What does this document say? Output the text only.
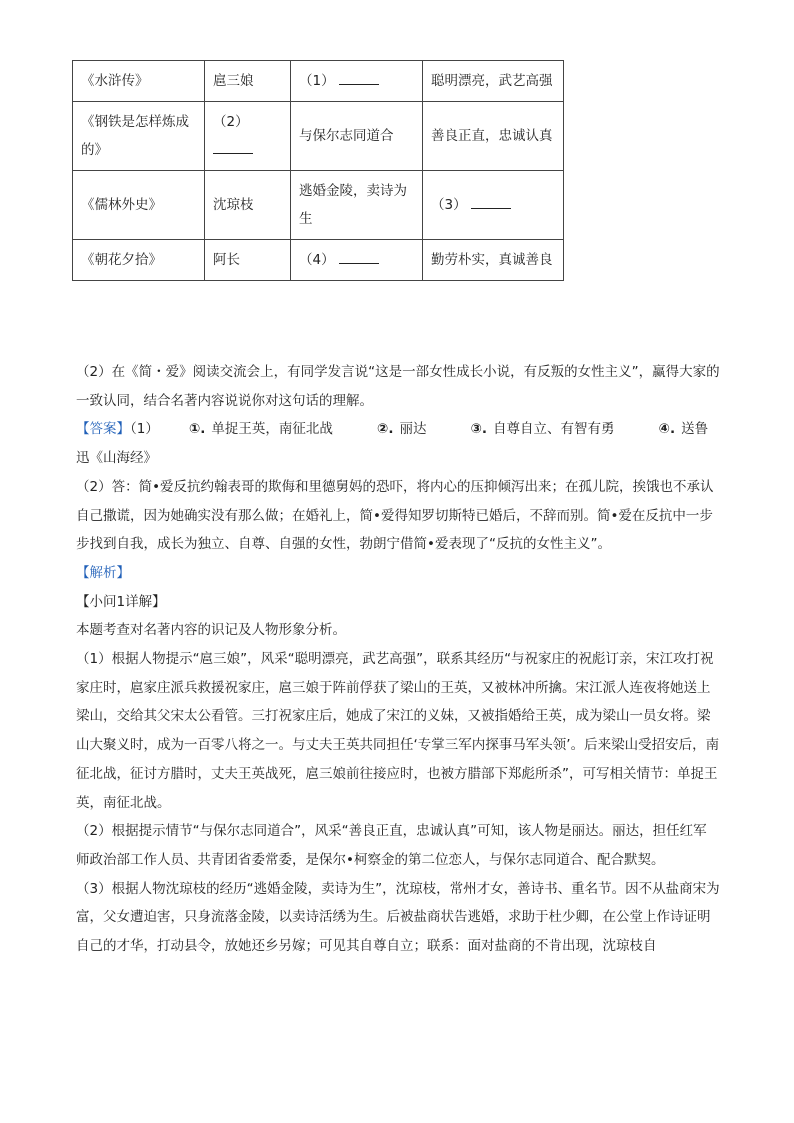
《水浒传》	扈三娘	（1）	聪明漂亮，武艺高强
《钢铁是怎样炼成的》	（2）	与保尔志同道合	善良正直，忠诚认真
《儒林外史》	沈琼枝	逃婚金陵，卖诗为生	（3）
《朝花夕拾》	阿长	（4）	勤劳朴实，真诚善良

（2）在《简・爱》阅读交流会上，有同学发言说“这是一部女性成长小说，有反叛的女性主义”，赢得大家的一致认同，结合名著内容说说你对这句话的理解。

【答案】（1） ①. 单捉王英，南征北战	②. 丽达	③. 自尊自立、有智有勇	④. 送鲁迅《山海经》

（2）答：简•爱反抗约翰表哥的欺侮和里德舅妈的恐吓，将内心的压抑倾泻出来；在孤儿院，挨饿也不承认自己撒谎，因为她确实没有那么做；在婚礼上，简•爱得知罗切斯特已婚后，不辞而别。简•爱在反抗中一步步找到自我，成长为独立、自尊、自强的女性，勃朗宁借简•爱表现了“反抗的女性主义”。

【解析】

【小问1详解】

本题考查对名著内容的识记及人物形象分析。

（1）根据人物提示“扈三娘”，风采“聪明漂亮，武艺高强”，联系其经历“与祝家庄的祝彪订亲，宋江攻打祝家庄时，扈家庄派兵救援祝家庄，扈三娘于阵前俘获了梁山的王英，又被林冲所擒。宋江派人连夜将她送上梁山，交给其父宋太公看管。三打祝家庄后，她成了宋江的义妹，又被指婚给王英，成为梁山一员女将。梁山大聚义时，成为一百零八将之一。与丈夫王英共同担任‘专掌三军内探事马军头领’。后来梁山受招安后，南征北战，征讨方腊时，丈夫王英战死，扈三娘前往接应时，也被方腊部下郑彪所杀”，可写相关情节：单捉王英，南征北战。

（2）根据提示情节“与保尔志同道合”，风采“善良正直，忠诚认真”可知，该人物是丽达。丽达，担任红军师政治部工作人员、共青团省委常委，是保尔•柯察金的第二位恋人，与保尔志同道合、配合默契。

（3）根据人物沈琼枝的经历“逃婚金陵，卖诗为生”，沈琼枝，常州才女，善诗书、重名节。因不从盐商宋为富，父女遭迫害，只身流落金陵，以卖诗活绣为生。后被盐商状告逃婚，求助于杜少卿，在公堂上作诗证明自己的才华，打动县令，放她还乡另嫁；可见其自尊自立；联系：面对盐商的不肯出现，沈琼枝自
